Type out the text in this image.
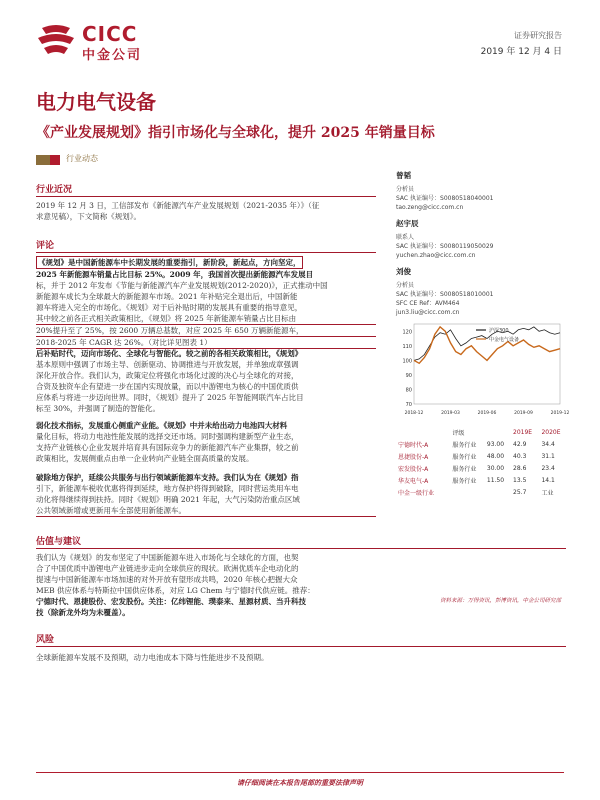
CICC
中金公司
证券研究报告
2019 年 12 月 4 日
电力电气设备
《产业发展规划》指引市场化与全球化，提升 2025 年销量目标
行业动态
行业近况
2019 年 12 月 3 日，工信部发布《新能源汽车产业发展规划（2021-2035 年）》（征
求意见稿），下文简称《规划》。
评论
《规划》是中国新能源车中长期发展的重要指引，新阶段，新起点，方向坚定，
2025 年新能源车销量占比目标 25%。2009 年，我国首次提出新能源汽车发展目
标，并于 2012 年发布《节能与新能源汽车产业发展规划(2012-2020)》，正式推动中国
新能源车成长为全球最大的新能源车市场。2021 年补贴完全退出后，中国新能
源车将进入完全的市场化。《规划》对于后补贴时期的发展具有重要的指导意见，
其中较之前各正式相关政策相比，《规划》将 2025 年新能源车销量占比目标由
20%提升至了 25%，按 2600 万辆总基数，对应 2025 年 650 万辆新能源车，
2018-2025 年 CAGR 达 26%。（对比详见图表 1）
后补贴时代，迈向市场化、全球化与智能化。较之前的各相关政策相比，《规划》
基本原则中强调了市场主导、创新驱动、协调推进与开放发展，并单独成章强调
深化开放合作。我们认为，政策定位将强化市场化过渡的决心与全球化的对接，
合资及独资车企有望进一步在国内实现放量，而以中游锂电为核心的中国优质供
应体系与将进一步迈向世界。同时，《规划》提升了 2025 年智能网联汽车占比目
标至 30%，并强调了制造的智能化。
弱化技术指标，发展重心侧重产业能。《规划》中并未给出动力电池四大材料
量化目标，将动力电池性能发展的选择交还市场。同时强调构建新型产业生态，
支持产业链核心企业发展并培育具有国际竞争力的新能源汽车产业集群，较之前
政策相比，发展侧重点由单一企业转向产业链全面高质量的发展。
破除地方保护，延续公共服务与出行领域新能源车支持。我们认为在《规划》指
引下，新能源车税收优惠将得到延续，地方保护将得到破除，同时营运类用车电
动化将得继续得到扶持。同时《规划》明确 2021 年起，大气污染防治重点区域
公共领域新增或更新用车全部使用新能源车。
估值与建议
我们认为《规划》的发布坚定了中国新能源车进入市场化与全球化的方面，也契
合了中国优质中游锂电产业链进步走向全球供应的现状。欧洲优质车企电动化的
提速与中国新能源车市场加速的对外开放有望形成共鸣，2020 年核心把握大众
MEB 供应体系与特斯拉中国供应体系，对应 LG Chem 与宁德时代供应链。推荐：
宁德时代、恩捷股份、宏发股份。关注：亿纬锂能、璞泰来、星源材质、当升科技
技（除新龙外均为未覆盖）。
风险
全球新能源车发展不及预期，动力电池成本下降与性能进步不及预期。
曾韬
分析员
SAC 执证编号：S0080518040001
tao.zeng@cicc.com.cn
赵宇辰
联系人
SAC 执证编号：S0080119050029
yuchen.zhao@cicc.com.cn
刘俊
分析员
SAC 执证编号：S0080518010001
SFC CE Ref：AVM464
jun3.liu@cicc.com.cn
70
80
90
100
110
120
2018-12	2019-03	2019-06	2019-09	2019-12
沪深300
中金电气设备
		评级		2019E	2020E
宁德时代-A		服务行业	93.00	42.9	34.4
恩捷股份-A		服务行业	48.00	40.3	31.1
宏发股份-A		服务行业	30.00	28.6	23.4
华友电气-A		服务行业	11.50	13.5	14.1
中金一级行业				25.7	工业
资料来源：万得资讯，彭博资讯，中金公司研究部
请仔细阅读在本报告尾部的重要法律声明
